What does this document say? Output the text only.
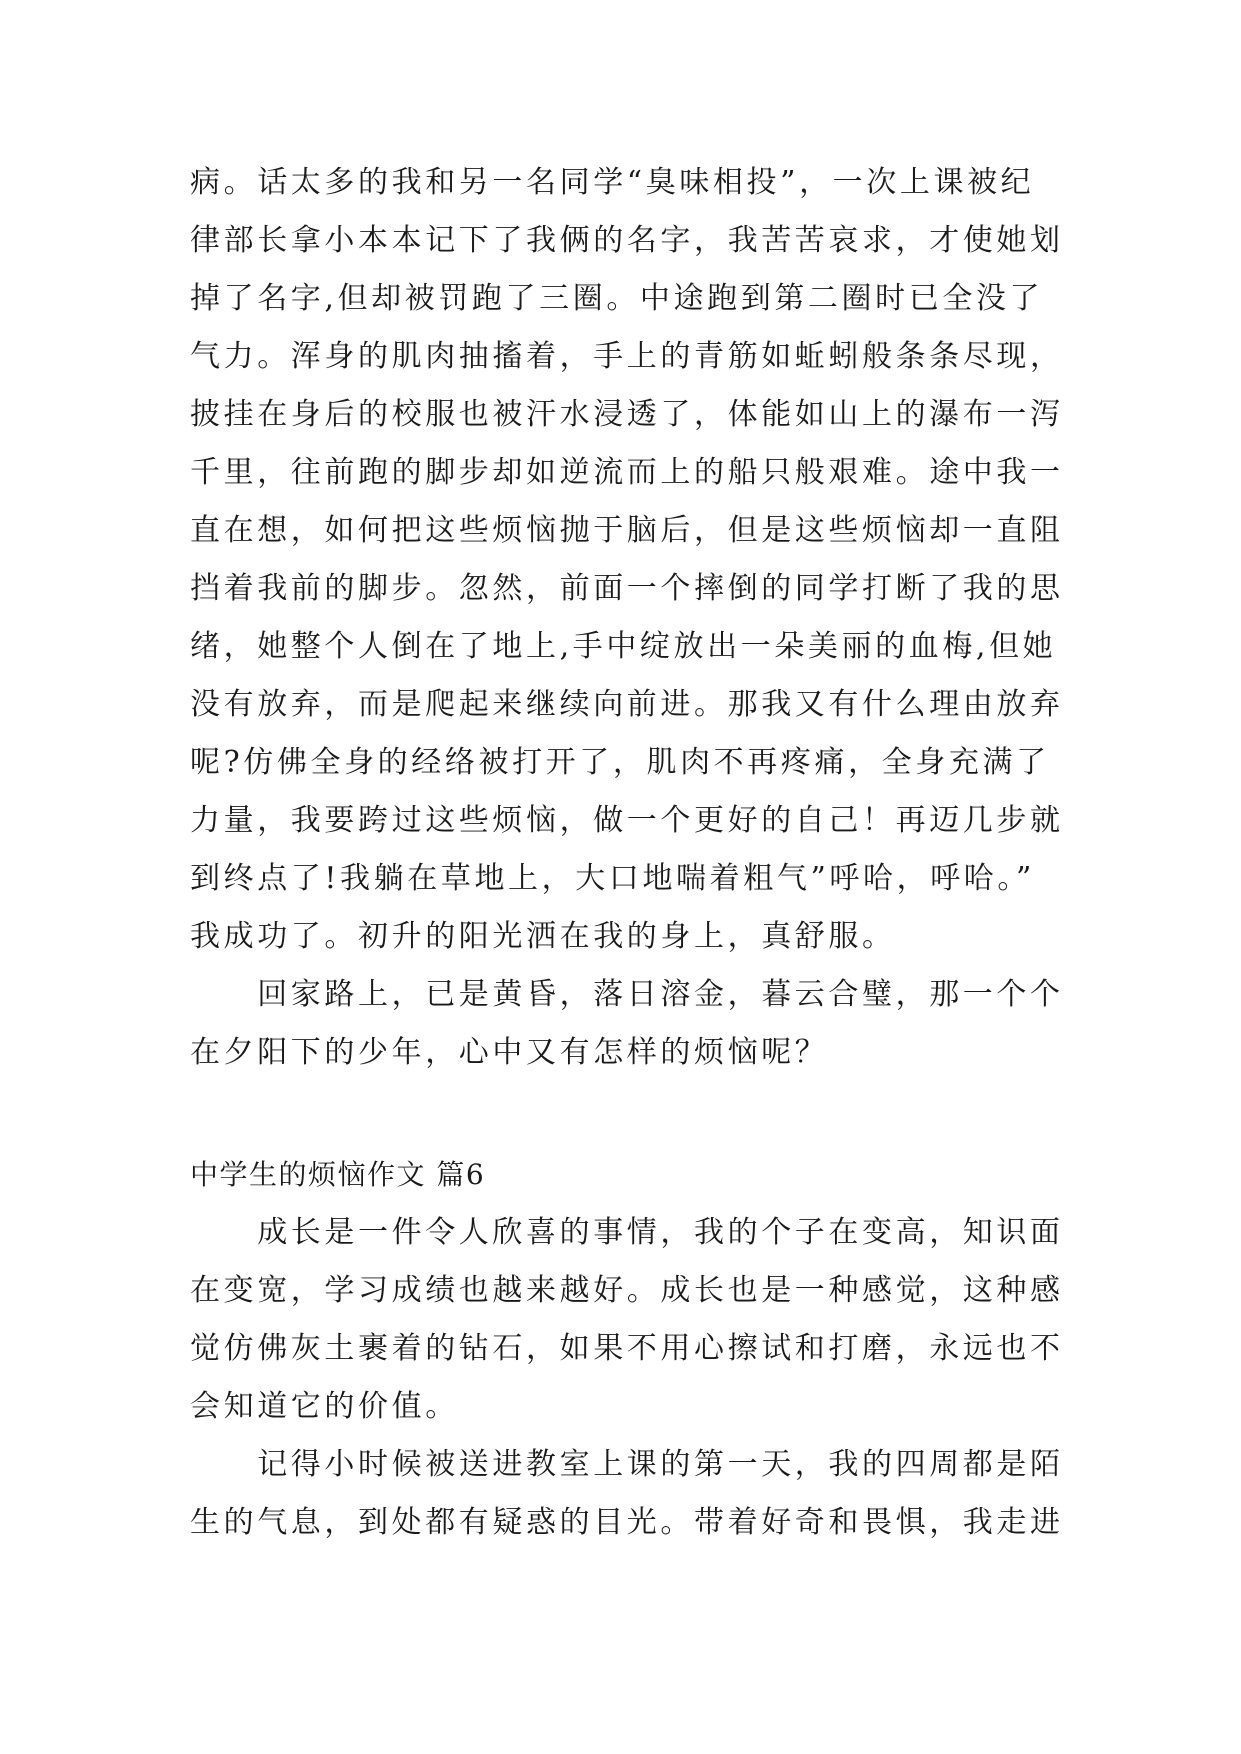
病。话太多的我和另一名同学“臭味相投”，一次上课被纪
律部长拿小本本记下了我俩的名字，我苦苦哀求，才使她划
掉了名字,但却被罚跑了三圈。中途跑到第二圈时已全没了
气力。浑身的肌肉抽搐着，手上的青筋如蚯蚓般条条尽现，
披挂在身后的校服也被汗水浸透了，体能如山上的瀑布一泻
千里，往前跑的脚步却如逆流而上的船只般艰难。途中我一
直在想，如何把这些烦恼抛于脑后，但是这些烦恼却一直阻
挡着我前的脚步。忽然，前面一个摔倒的同学打断了我的思
绪，她整个人倒在了地上,手中绽放出一朵美丽的血梅,但她
没有放弃，而是爬起来继续向前进。那我又有什么理由放弃
呢?仿佛全身的经络被打开了，肌肉不再疼痛，全身充满了
力量，我要跨过这些烦恼，做一个更好的自己！再迈几步就
到终点了!我躺在草地上，大口地喘着粗气”呼哈，呼哈。”
我成功了。初升的阳光洒在我的身上，真舒服。
　　回家路上，已是黄昏，落日溶金，暮云合璧，那一个个
在夕阳下的少年，心中又有怎样的烦恼呢？
中学生的烦恼作文 篇6
　　成长是一件令人欣喜的事情，我的个子在变高，知识面
在变宽，学习成绩也越来越好。成长也是一种感觉，这种感
觉仿佛灰土裹着的钻石，如果不用心擦试和打磨，永远也不
会知道它的价值。
　　记得小时候被送进教室上课的第一天，我的四周都是陌
生的气息，到处都有疑惑的目光。带着好奇和畏惧，我走进
